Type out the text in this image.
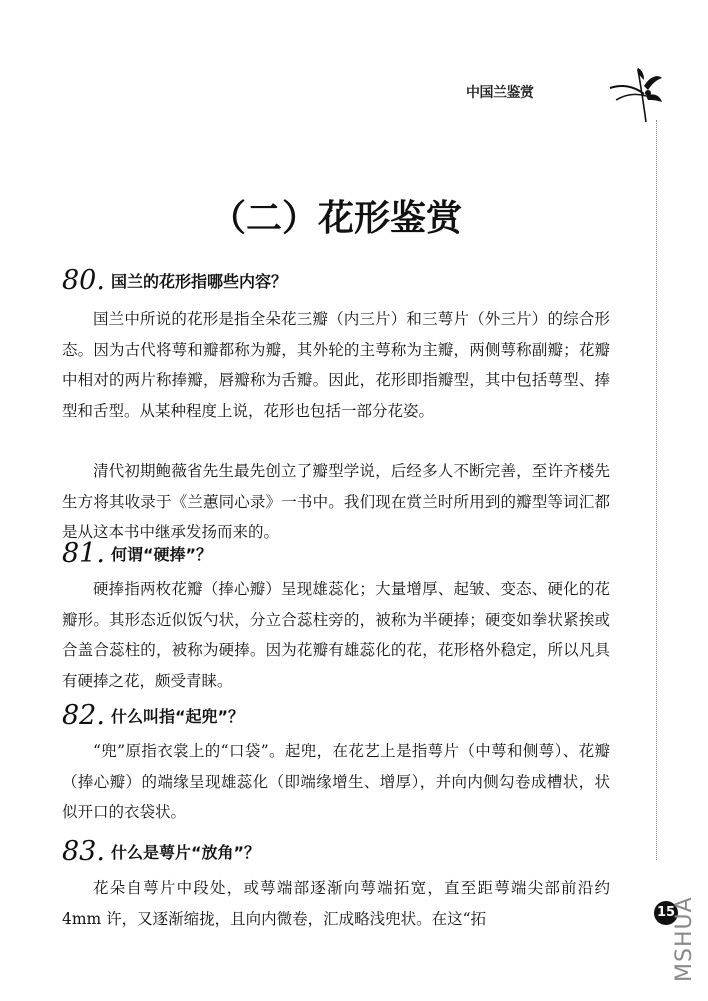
中国兰鉴赏
（二）花形鉴赏
80. 国兰的花形指哪些内容？

国兰中所说的花形是指全朵花三瓣（内三片）和三萼片（外三片）的综合形态。因为古代将萼和瓣都称为瓣，其外轮的主萼称为主瓣，两侧萼称副瓣；花瓣中相对的两片称捧瓣，唇瓣称为舌瓣。因此，花形即指瓣型，其中包括萼型、捧型和舌型。从某种程度上说，花形也包括一部分花姿。

清代初期鲍薇省先生最先创立了瓣型学说，后经多人不断完善，至许齐楼先生方将其收录于《兰蕙同心录》一书中。我们现在赏兰时所用到的瓣型等词汇都是从这本书中继承发扬而来的。

81. 何谓“硬捧”？

硬捧指两枚花瓣（捧心瓣）呈现雄蕊化；大量增厚、起皱、变态、硬化的花瓣形。其形态近似饭勺状，分立合蕊柱旁的，被称为半硬捧；硬变如拳状紧挨或合盖合蕊柱的，被称为硬捧。因为花瓣有雄蕊化的花，花形格外稳定，所以凡具有硬捧之花，颇受青睐。

82. 什么叫指“起兜”？

“兜”原指衣裳上的“口袋”。起兜，在花艺上是指萼片（中萼和侧萼）、花瓣（捧心瓣）的端缘呈现雄蕊化（即端缘增生、增厚），并向内侧勾卷成槽状，状似开口的衣袋状。

83. 什么是萼片“放角”？

花朵自萼片中段处，或萼端部逐渐向萼端拓宽，直至距萼端尖部前沿约 4mm 许，又逐渐缩拢，且向内微卷，汇成略浅兜状。在这“拓	15
MSHUA
